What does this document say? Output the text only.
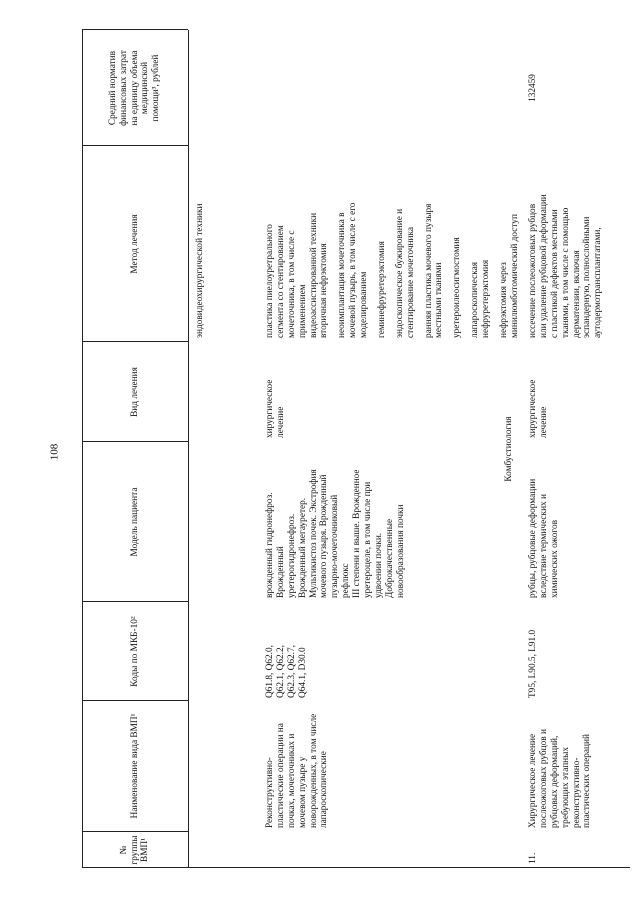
108
№ группы ВМП¹
Наименование вида ВМП¹
Коды по МКБ-10²
Модель пациента
Вид лечения
Метод лечения
Средний норматив финансовых затрат на единицу объема медицинской помощи³, рублей
эндовидеохирургической техники
Реконструктивно- пластические операции на почках, мочеточниках и мочевом пузыре у новорожденных, в том числе лапароскопические
Q61.8, Q62.0, Q62.1, Q62.2, Q62.3, Q62.7, Q64.1, D30.0
врожденный гидронефроз. Врожденный уретерогидронефроз. Врожденный мегауретер. Мультикистоз почек. Экстрофия мочевого пузыря. Врожденный пузырно-мочеточниковый рефлюкс III степени и выше. Врожденное уретероцеле, в том числе при удвоении почки. Доброкачественные новообразования почки
хирургическое лечение
пластика пиелоуретрального сегмента со стентированием мочеточника, в том числе с применением видеоассистированной техники вторичная нефрэктомия неоимплантация мочеточника в мочевой пузырь, в том числе с его моделированием геминефруретерэктомия эндоскопическое бужирование и стентирование мочеточника ранняя пластика мочевого пузыря местными тканями уретероилеосигмостомия лапароскопическая нефруретерэктомия нефрэктомия через минилюмботомический доступ
Комбустиология
11.
Хирургическое лечение послеожоговых рубцов и рубцовых деформаций, требующих этапных реконструктивно- пластических операций
T95, L90.5, L91.0
рубцы, рубцовые деформации вследствие термических и химических ожогов
хирургическое лечение
иссечение послеожоговых рубцов или удаление рубцовой деформации с пластикой дефектов местными тканями, в том числе с помощью дерматензии, включая эспандерную, полнослойными аутодермотрансплантатами,
132459
